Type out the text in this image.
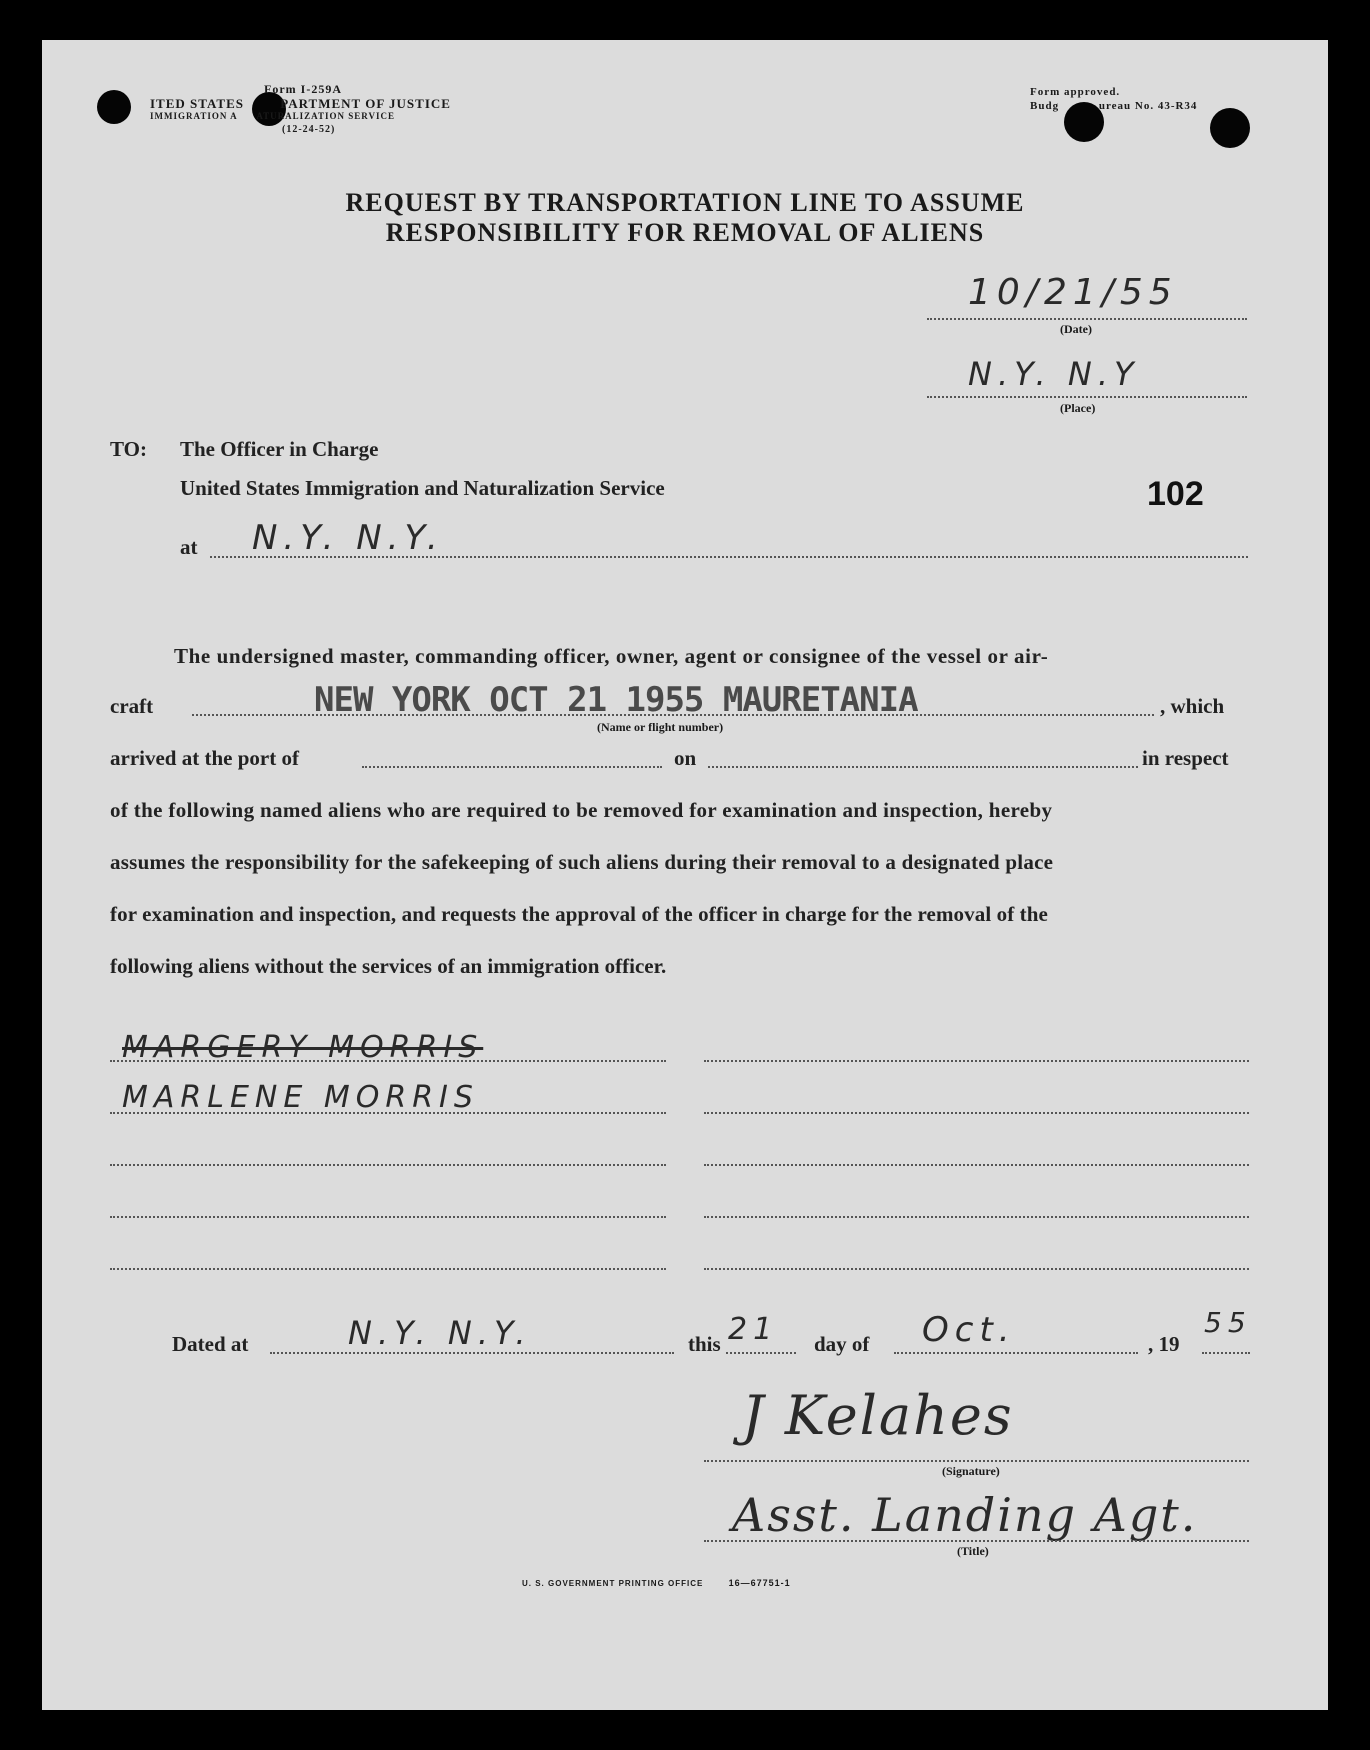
Form I-259A
ITED STATES	PARTMENT OF JUSTICE
IMMIGRATION A ATURALIZATION SERVICE
(12-24-52)
Form approved.
Budg	ureau No. 43-R34
REQUEST BY TRANSPORTATION LINE TO ASSUME
RESPONSIBILITY FOR REMOVAL OF ALIENS
10/21/55
(Date)
N.Y. N.Y
(Place)
TO: The Officer in Charge
United States Immigration and Naturalization Service	102
at N.Y. N.Y.
The undersigned master, commanding officer, owner, agent or consignee of the vessel or air-
craft	NEW YORK OCT 21 1955 MAURETANIA
(Name or flight number)
, which
arrived at the port of	on	in respect
of the following named aliens who are required to be removed for examination and inspection, hereby
assumes the responsibility for the safekeeping of such aliens during their removal to a designated place
for examination and inspection, and requests the approval of the officer in charge for the removal of the
following aliens without the services of an immigration officer.
MARGERY MORRIS
MARLENE MORRIS
Dated at	N.Y. N.Y.	this 21 day of Oct.	, 19
55
J Kelahes
(Signature)
Asst. Landing Agt.
(Title)
U. S. GOVERNMENT PRINTING OFFICE	16—67751-1
